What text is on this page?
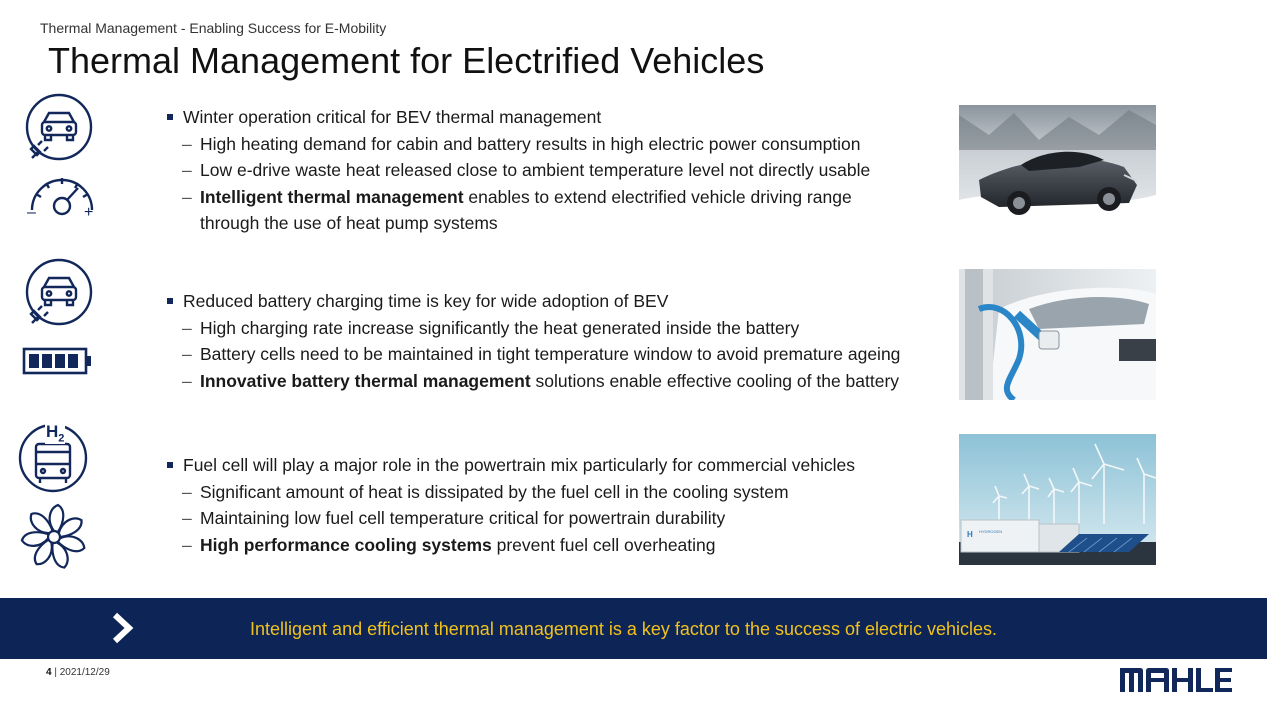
Thermal Management - Enabling Success for E-Mobility
Thermal Management for Electrified Vehicles
–	+
$H_2$
Winter operation critical for BEV thermal management
– High heating demand for cabin and battery results in high electric power consumption
– Low e-drive waste heat released close to ambient temperature level not directly usable
– Intelligent thermal management enables to extend electrified vehicle driving range
through the use of heat pump systems
Reduced battery charging time is key for wide adoption of BEV
– High charging rate increase significantly the heat generated inside the battery
– Battery cells need to be maintained in tight temperature window to avoid premature ageing
– Innovative battery thermal management solutions enable effective cooling of the battery
Fuel cell will play a major role in the powertrain mix particularly for commercial vehicles
– Significant amount of heat is dissipated by the fuel cell in the cooling system
– Maintaining low fuel cell temperature critical for powertrain durability
– High performance cooling systems prevent fuel cell overheating	H HYDROGEN
Intelligent and efficient thermal management is a key factor to the success of electric vehicles.
4 | 2021/12/29
